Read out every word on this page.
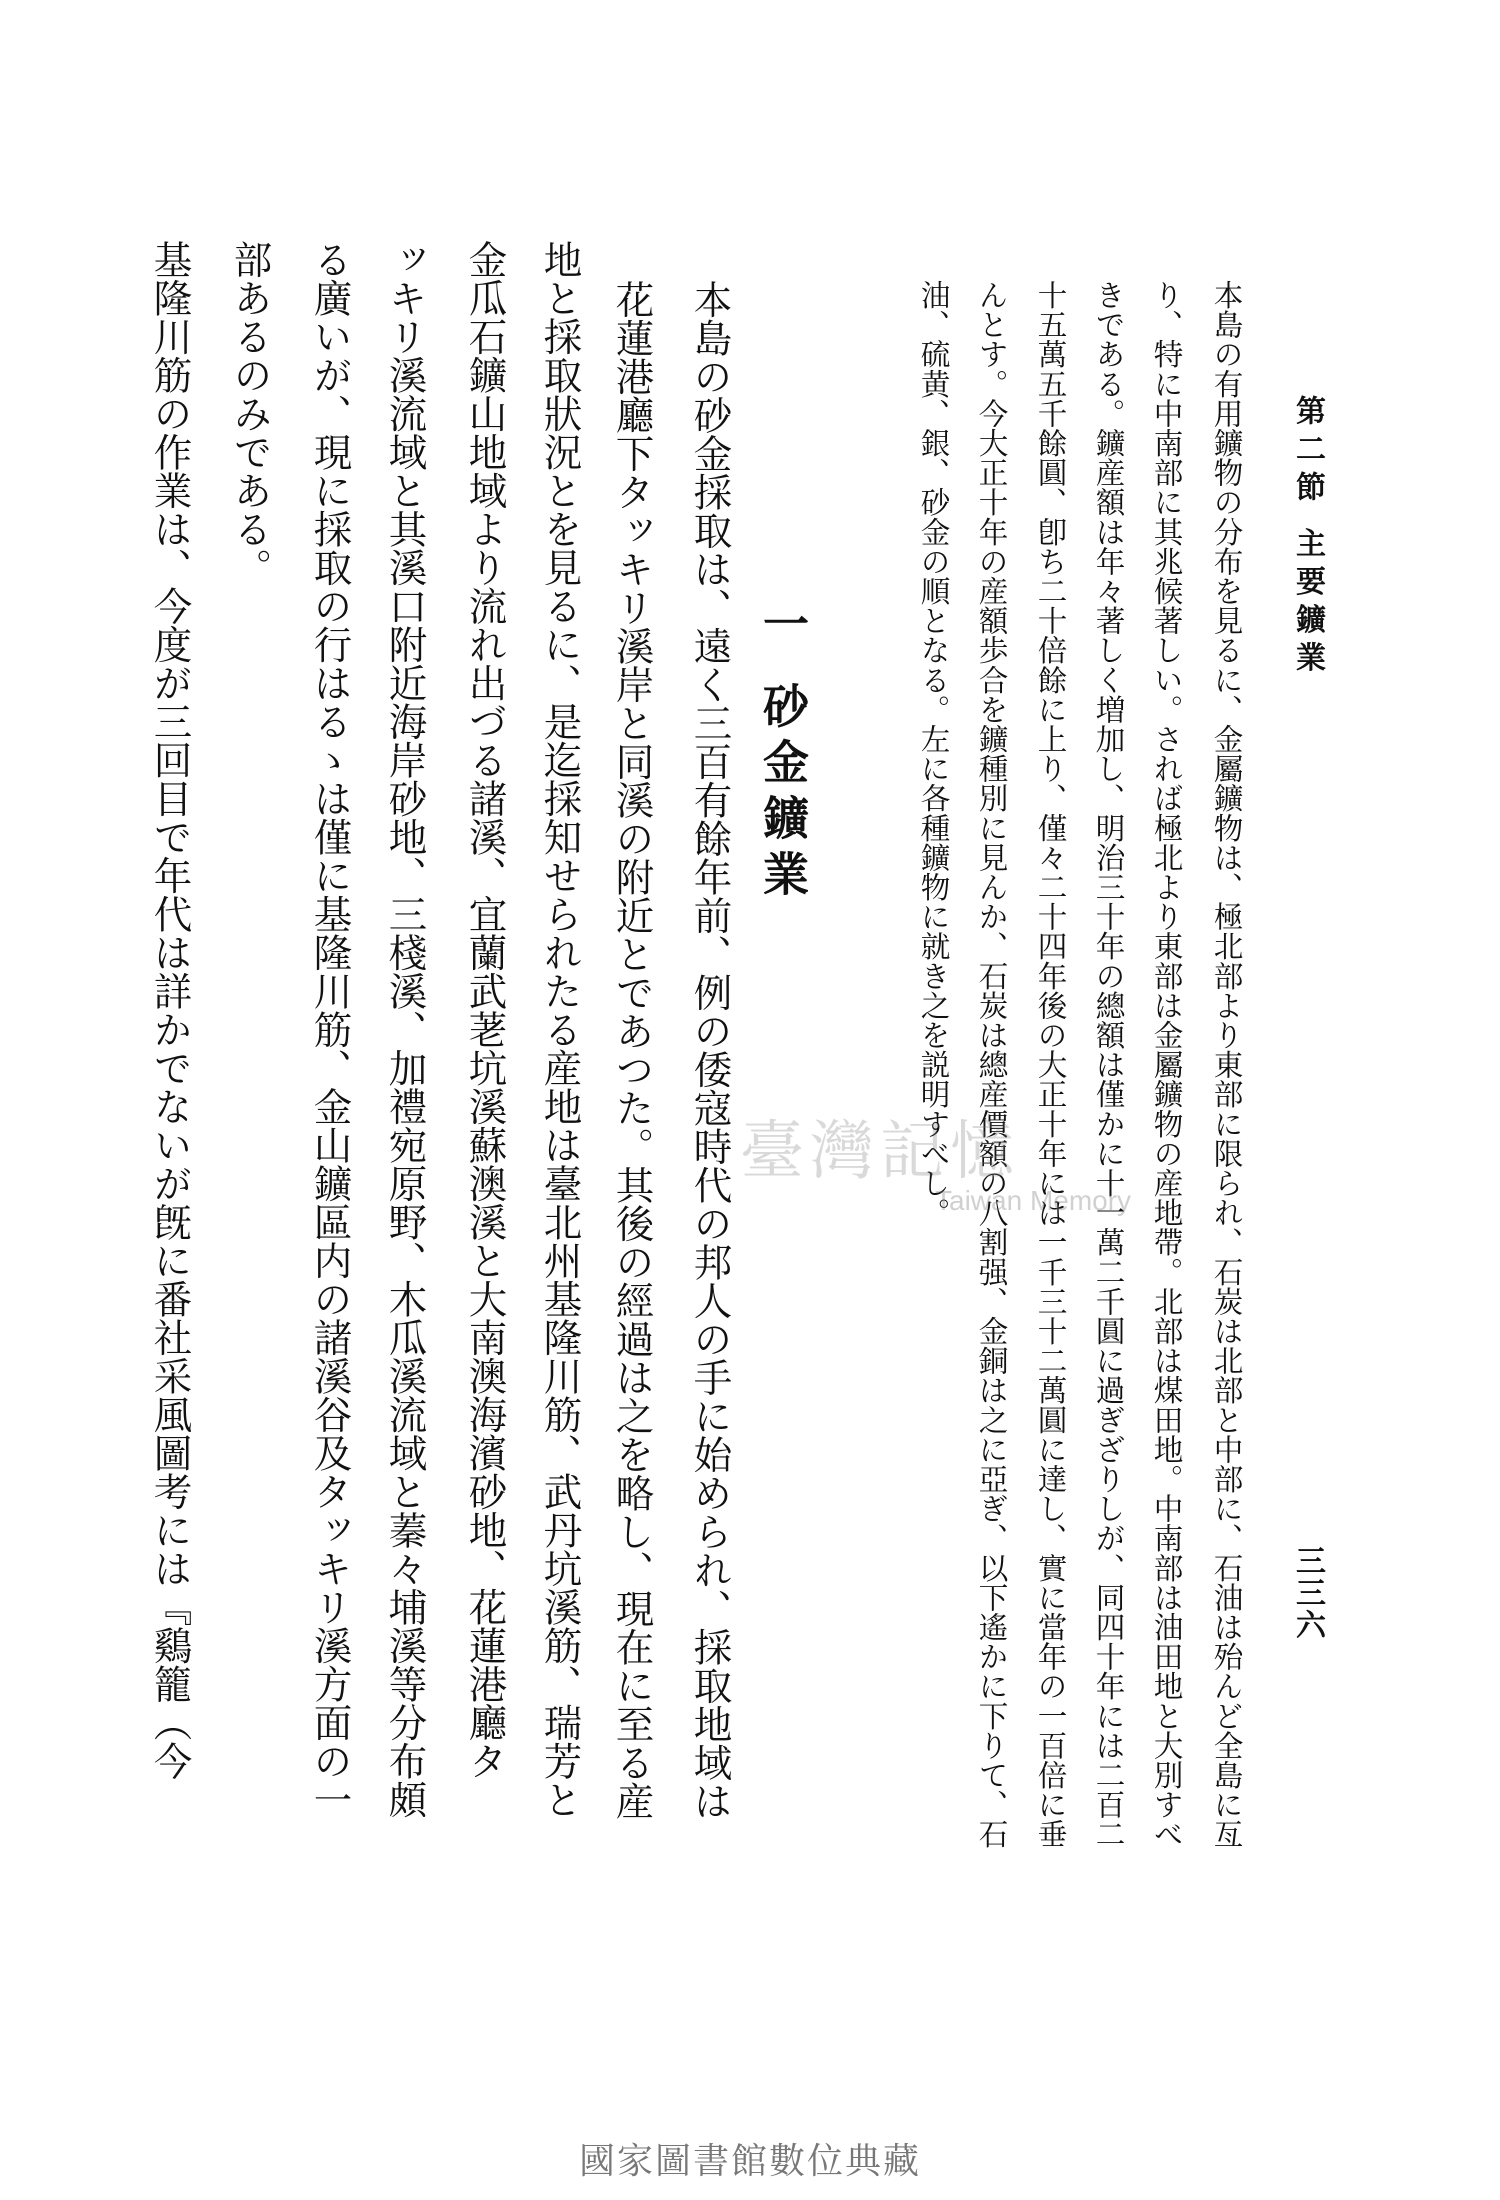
第二節 主要鑛業
三三六
本島の有用鑛物の分布を見るに、金屬鑛物は、極北部より東部に限られ、石炭は北部と中部に、石油は殆んど全島に亙
り、特に中南部に其兆候著しい。されば極北より東部は金屬鑛物の産地帶。北部は煤田地。中南部は油田地と大別すべ
きである。鑛産額は年々著しく増加し、明治三十年の總額は僅かに十一萬二千圓に過ぎざりしが、同四十年には二百二
十五萬五千餘圓、卽ち二十倍餘に上り、僅々二十四年後の大正十年には一千三十二萬圓に達し、實に當年の一百倍に垂
んとす。今大正十年の産額歩合を鑛種別に見んか、石炭は總産價額の八割强、金銅は之に亞ぎ、以下遙かに下りて、石
油、硫黄、銀、砂金の順となる。左に各種鑛物に就き之を説明すべし。
一 砂金鑛業
本島の砂金採取は、遠く三百有餘年前、例の倭寇時代の邦人の手に始められ、採取地域は
花蓮港廳下タッキリ溪岸と同溪の附近とであつた。其後の經過は之を略し、現在に至る産
地と採取狀況とを見るに、是迄採知せられたる産地は臺北州基隆川筋、武丹坑溪筋、瑞芳と
金瓜石鑛山地域より流れ出づる諸溪、宜蘭武荖坑溪蘇澳溪と大南澳海濱砂地、花蓮港廳タ
ッキリ溪流域と其溪口附近海岸砂地、三棧溪、加禮宛原野、木瓜溪流域と蓁々埔溪等分布頗
る廣いが、現に採取の行はるゝは僅に基隆川筋、金山鑛區内の諸溪谷及タッキリ溪方面の一
部あるのみである。
基隆川筋の作業は、今度が三回目で年代は詳かでないが旣に番社采風圖考には『鷄籠（今	臺灣記憶
Taiwan Memory
國家圖書館數位典藏
